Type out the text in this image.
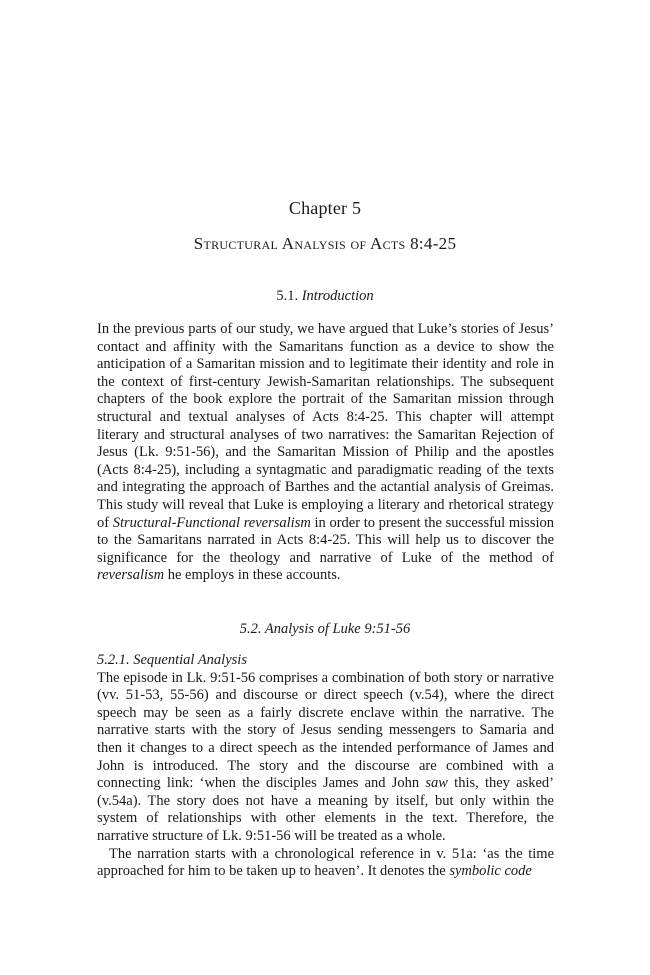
Chapter 5
Structural Analysis of Acts 8:4-25
5.1. Introduction

In the previous parts of our study, we have argued that Luke’s stories of Jesus’ contact and affinity with the Samaritans function as a device to show the anticipation of a Samaritan mission and to legitimate their identity and role in the context of first-century Jewish-Samaritan relationships. The subsequent chapters of the book explore the portrait of the Samaritan mission through structural and textual analyses of Acts 8:4-25. This chapter will attempt literary and structural analyses of two narratives: the Samaritan Rejection of Jesus (Lk. 9:51-56), and the Samaritan Mission of Philip and the apostles (Acts 8:4-25), including a syntagmatic and paradigmatic reading of the texts and integrating the approach of Barthes and the actantial analysis of Greimas. This study will reveal that Luke is employing a literary and rhetorical strategy of Structural-Functional reversalism in order to present the successful mission to the Samaritans narrated in Acts 8:4-25. This will help us to discover the significance for the theology and narrative of Luke of the method of reversalism he employs in these accounts.

5.2. Analysis of Luke 9:51-56
5.2.1. Sequential Analysis

The episode in Lk. 9:51-56 comprises a combination of both story or narrative (vv. 51-53, 55-56) and discourse or direct speech (v.54), where the direct speech may be seen as a fairly discrete enclave within the narrative. The narrative starts with the story of Jesus sending messengers to Samaria and then it changes to a direct speech as the intended performance of James and John is introduced. The story and the discourse are combined with a connecting link: ‘when the disciples James and John saw this, they asked’ (v.54a). The story does not have a meaning by itself, but only within the system of relationships with other elements in the text. Therefore, the narrative structure of Lk. 9:51-56 will be treated as a whole.

The narration starts with a chronological reference in v. 51a: ‘as the time approached for him to be taken up to heaven’. It denotes the symbolic code
